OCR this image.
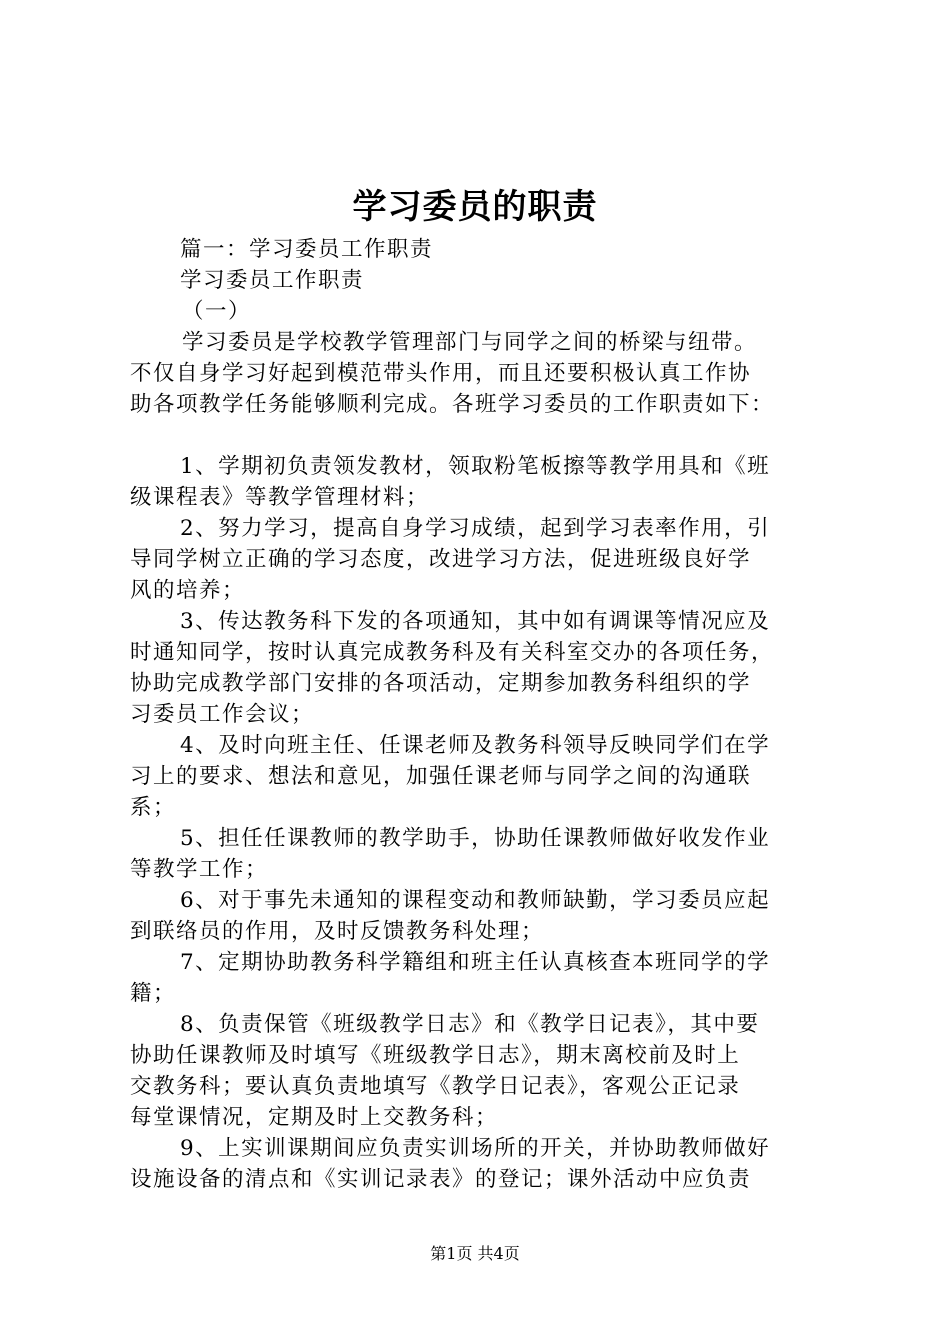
学习委员的职责
篇一：学习委员工作职责
学习委员工作职责
（一）
学习委员是学校教学管理部门与同学之间的桥梁与纽带。
不仅自身学习好起到模范带头作用，而且还要积极认真工作协
助各项教学任务能够顺利完成。各班学习委员的工作职责如下：
1、学期初负责领发教材，领取粉笔板擦等教学用具和《班
级课程表》等教学管理材料；
2、努力学习，提高自身学习成绩，起到学习表率作用，引
导同学树立正确的学习态度，改进学习方法，促进班级良好学
风的培养；
3、传达教务科下发的各项通知，其中如有调课等情况应及
时通知同学，按时认真完成教务科及有关科室交办的各项任务，
协助完成教学部门安排的各项活动，定期参加教务科组织的学
习委员工作会议；
4、及时向班主任、任课老师及教务科领导反映同学们在学
习上的要求、想法和意见，加强任课老师与同学之间的沟通联
系；
5、担任任课教师的教学助手，协助任课教师做好收发作业
等教学工作；
6、对于事先未通知的课程变动和教师缺勤，学习委员应起
到联络员的作用，及时反馈教务科处理；
7、定期协助教务科学籍组和班主任认真核查本班同学的学
籍；
8、负责保管《班级教学日志》和《教学日记表》，其中要
协助任课教师及时填写《班级教学日志》，期末离校前及时上
交教务科；要认真负责地填写《教学日记表》，客观公正记录
每堂课情况，定期及时上交教务科；
9、上实训课期间应负责实训场所的开关，并协助教师做好
设施设备的清点和《实训记录表》的登记；课外活动中应负责
第1页 共4页
